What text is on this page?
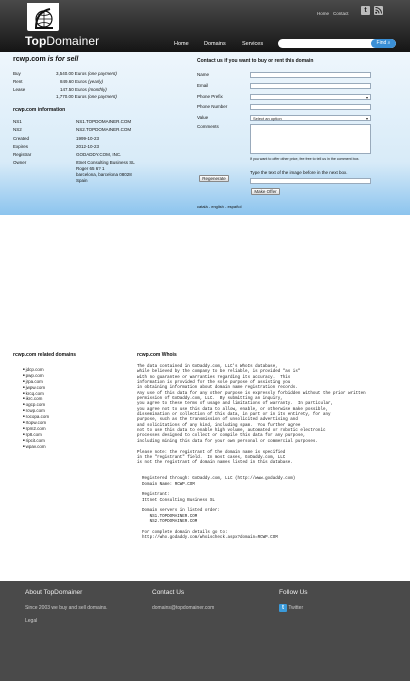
TopDomainer
Home Contact	t
Home	Domains	Services	Find ⌕
rcwp.com is for sell
Buy	3,540.00 Euros (one payment)
Rent	849.60 Euros (yearly)
Lease	147.50 Euros (monthly)
1,770.00 Euros (one payment)
rcwp.com information
NS1	NS1.TOPDOMAINER.COM
NS2	NS2.TOPDOMAINER.COM
Created	1999-10-23
Expires	2012-10-23
Registrar	GODADDY.COM, INC.
Owner	Ittnet Consulting Business SL
Roger 65 6? 1
barcelona, barcelona 08028
Spain
Contact us if you want to buy or rent this domain
Name
Email
Phone Prefix
▾
Phone Number
Value	Select an option ▾
Comments
If you want to offer other price, fee free to tell us in the comment box.
Type the text of the image before in the next box.
Regenerate
Make Offer
català - english - español
rcwp.com related domains
■ jdcp.com
■ pwp.com
■ jrpa.com
■ jwpw.com
■ krcq.com
■ ikrc.com
■ ogcp.com
■ rcwp.com
■ rocopa.com
■ rtopw.com
■ rpm2.com
■ rp8.com
■ ripcit.com
■ wpav.com
rcwp.com Whois
The data contained in GoDaddy.com, LLC's WhoIs database,
while believed by the company to be reliable, is provided "as is"
with no guarantee or warranties regarding its accuracy.  This
information is provided for the sole purpose of assisting you
in obtaining information about domain name registration records.
Any use of this data for any other purpose is expressly forbidden without the prior written
permission of GoDaddy.com, LLC.  By submitting an inquiry,
you agree to these terms of usage and limitations of warranty.  In particular,
you agree not to use this data to allow, enable, or otherwise make possible,
dissemination or collection of this data, in part or in its entirety, for any
purpose, such as the transmission of unsolicited advertising and
and solicitations of any kind, including spam.  You further agree
not to use this data to enable high volume, automated or robotic electronic
processes designed to collect or compile this data for any purpose,
including mining this data for your own personal or commercial purposes.

Please note: the registrant of the domain name is specified
in the "registrant" field.  In most cases, GoDaddy.com, LLC
is not the registrant of domain names listed in this database.

Registered through: GoDaddy.com, LLC (http://www.godaddy.com)
Domain Name: RCWP.COM

Registrant:
Ittnet Consulting Business SL

Domain servers in listed order:
NS1.TOPDOMAINER.COM
NS2.TOPDOMAINER.COM

For complete domain details go to:
http://who.godaddy.com/whoischeck.aspx?domain=RCWP.COM
About TopDomainer
Since 2003 we buy and sell domains.
Legal
Contact Us
domains@topdomainer.com
Follow Us
t Twitter
